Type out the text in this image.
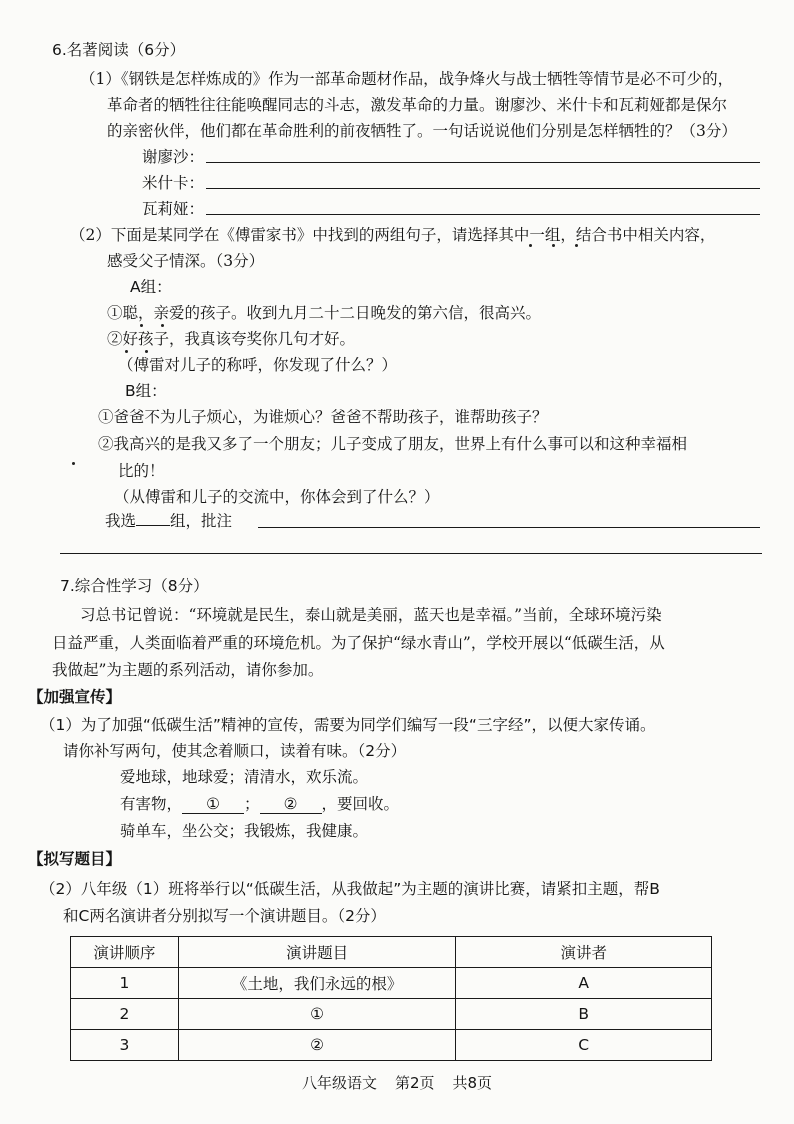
6.名著阅读（6分）
（1）《钢铁是怎样炼成的》作为一部革命题材作品，战争烽火与战士牺牲等情节是必不可少的，
革命者的牺牲往往能唤醒同志的斗志，激发革命的力量。谢廖沙、米什卡和瓦莉娅都是保尔
的亲密伙伴，他们都在革命胜利的前夜牺牲了。一句话说说他们分别是怎样牺牲的？（3分）
谢廖沙：
米什卡：
瓦莉娅：
（2）下面是某同学在《傅雷家书》中找到的两组句子，请选择其中一组，结合书中相关内容，
感受父子情深。（3分）
A组：
①聪，亲爱的孩子。收到九月二十二日晚发的第六信，很高兴。
②好孩子，我真该夸奖你几句才好。
（傅雷对儿子的称呼，你发现了什么？）
B组：
①爸爸不为儿子烦心，为谁烦心？爸爸不帮助孩子，谁帮助孩子？
②我高兴的是我又多了一个朋友；儿子变成了朋友，世界上有什么事可以和这种幸福相
比的！
（从傅雷和儿子的交流中，你体会到了什么？）
我选 组，批注
7.综合性学习（8分）
习总书记曾说：“环境就是民生，泰山就是美丽，蓝天也是幸福。”当前，全球环境污染
日益严重，人类面临着严重的环境危机。为了保护“绿水青山”，学校开展以“低碳生活，从
我做起”为主题的系列活动，请你参加。
【加强宣传】
（1）为了加强“低碳生活”精神的宣传，需要为同学们编写一段“三字经”，以便大家传诵。
请你补写两句，使其念着顺口，读着有味。（2分）
爱地球，地球爱；清清水，欢乐流。
有害物， ① ； ② ，要回收。
骑单车，坐公交；我锻炼，我健康。
【拟写题目】
（2）八年级（1）班将举行以“低碳生活，从我做起”为主题的演讲比赛，请紧扣主题，帮B
和C两名演讲者分别拟写一个演讲题目。（2分）
演讲顺序	演讲题目	演讲者
1	《土地，我们永远的根》	A
2	①	B
3	②	C
八年级语文 第2页 共8页
